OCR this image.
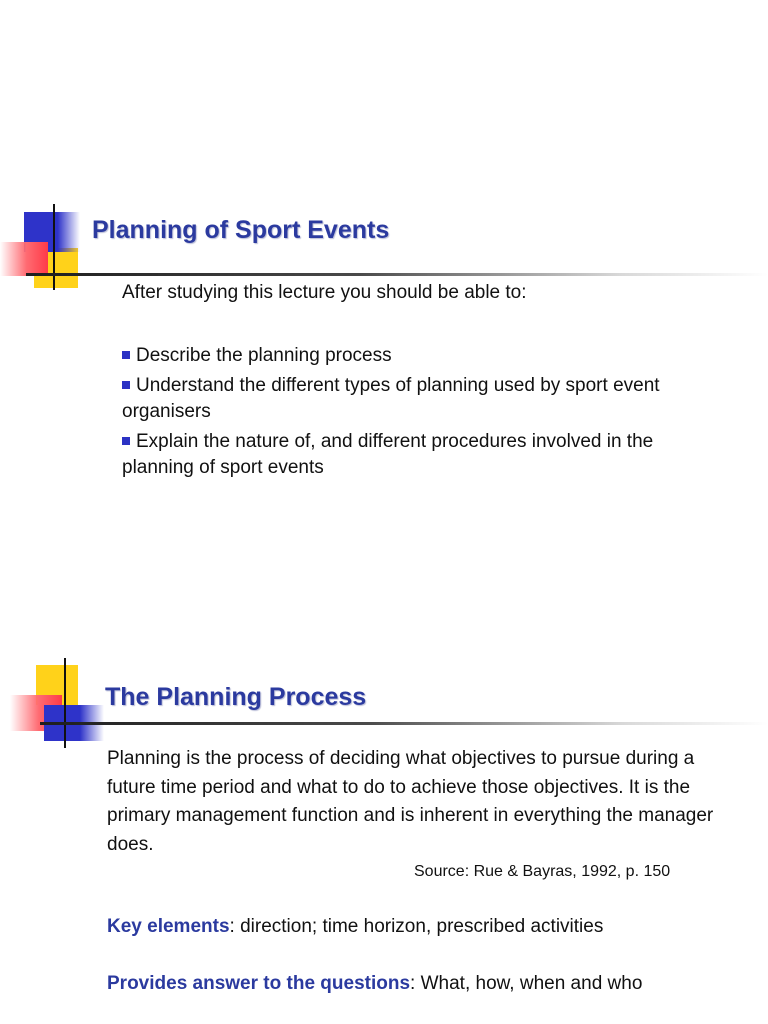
Planning of Sport Events
After studying this lecture you should be able to:
Describe the planning process
Understand the different types of planning used by sport event organisers
Explain the nature of, and different procedures involved in the planning of sport events
The Planning Process

Planning is the process of deciding what objectives to pursue during a future time period and what to do to achieve those objectives. It is the primary management function and is inherent in everything the manager does.

Source: Rue & Bayras, 1992, p. 150
Key elements: direction; time horizon, prescribed activities
Provides answer to the questions: What, how, when and who
